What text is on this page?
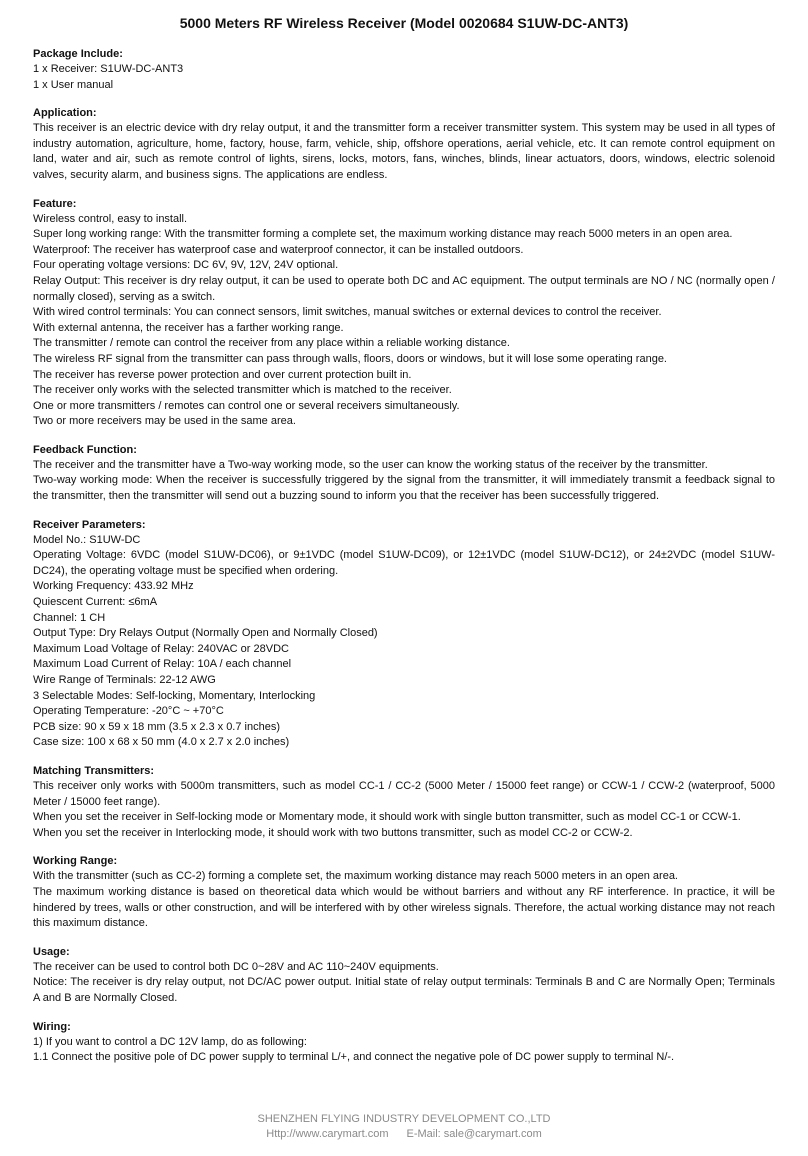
5000 Meters RF Wireless Receiver (Model 0020684 S1UW-DC-ANT3)
Package Include:
1 x Receiver: S1UW-DC-ANT3
1 x User manual
Application:
This receiver is an electric device with dry relay output, it and the transmitter form a receiver transmitter system. This system may be used in all types of industry automation, agriculture, home, factory, house, farm, vehicle, ship, offshore operations, aerial vehicle, etc. It can remote control equipment on land, water and air, such as remote control of lights, sirens, locks, motors, fans, winches, blinds, linear actuators, doors, windows, electric solenoid valves, security alarm, and business signs. The applications are endless.
Feature:
Wireless control, easy to install.
Super long working range: With the transmitter forming a complete set, the maximum working distance may reach 5000 meters in an open area.
Waterproof: The receiver has waterproof case and waterproof connector, it can be installed outdoors.
Four operating voltage versions: DC 6V, 9V, 12V, 24V optional.
Relay Output: This receiver is dry relay output, it can be used to operate both DC and AC equipment. The output terminals are NO / NC (normally open / normally closed), serving as a switch.
With wired control terminals: You can connect sensors, limit switches, manual switches or external devices to control the receiver.
With external antenna, the receiver has a farther working range.
The transmitter / remote can control the receiver from any place within a reliable working distance.
The wireless RF signal from the transmitter can pass through walls, floors, doors or windows, but it will lose some operating range.
The receiver has reverse power protection and over current protection built in.
The receiver only works with the selected transmitter which is matched to the receiver.
One or more transmitters / remotes can control one or several receivers simultaneously.
Two or more receivers may be used in the same area.
Feedback Function:
The receiver and the transmitter have a Two-way working mode, so the user can know the working status of the receiver by the transmitter.
Two-way working mode: When the receiver is successfully triggered by the signal from the transmitter, it will immediately transmit a feedback signal to the transmitter, then the transmitter will send out a buzzing sound to inform you that the receiver has been successfully triggered.
Receiver Parameters:
Model No.: S1UW-DC
Operating Voltage: 6VDC (model S1UW-DC06), or 9±1VDC (model S1UW-DC09), or 12±1VDC (model S1UW-DC12), or 24±2VDC (model S1UW-DC24), the operating voltage must be specified when ordering.
Working Frequency: 433.92 MHz
Quiescent Current: ≤6mA
Channel: 1 CH
Output Type: Dry Relays Output (Normally Open and Normally Closed)
Maximum Load Voltage of Relay: 240VAC or 28VDC
Maximum Load Current of Relay: 10A / each channel
Wire Range of Terminals: 22-12 AWG
3 Selectable Modes: Self-locking, Momentary, Interlocking
Operating Temperature: -20°C ~ +70°C
PCB size: 90 x 59 x 18 mm (3.5 x 2.3 x 0.7 inches)
Case size: 100 x 68 x 50 mm (4.0 x 2.7 x 2.0 inches)
Matching Transmitters:
This receiver only works with 5000m transmitters, such as model CC-1 / CC-2 (5000 Meter / 15000 feet range) or CCW-1 / CCW-2 (waterproof, 5000 Meter / 15000 feet range).
When you set the receiver in Self-locking mode or Momentary mode, it should work with single button transmitter, such as model CC-1 or CCW-1.
When you set the receiver in Interlocking mode, it should work with two buttons transmitter, such as model CC-2 or CCW-2.
Working Range:
With the transmitter (such as CC-2) forming a complete set, the maximum working distance may reach 5000 meters in an open area.
The maximum working distance is based on theoretical data which would be without barriers and without any RF interference. In practice, it will be hindered by trees, walls or other construction, and will be interfered with by other wireless signals. Therefore, the actual working distance may not reach this maximum distance.
Usage:
The receiver can be used to control both DC 0~28V and AC 110~240V equipments.
Notice: The receiver is dry relay output, not DC/AC power output. Initial state of relay output terminals: Terminals B and C are Normally Open; Terminals A and B are Normally Closed.
Wiring:
1) If you want to control a DC 12V lamp, do as following:
1.1 Connect the positive pole of DC power supply to terminal L/+, and connect the negative pole of DC power supply to terminal N/-.
SHENZHEN FLYING INDUSTRY DEVELOPMENT CO.,LTD
Http://www.carymart.com E-Mail: sale@carymart.com
